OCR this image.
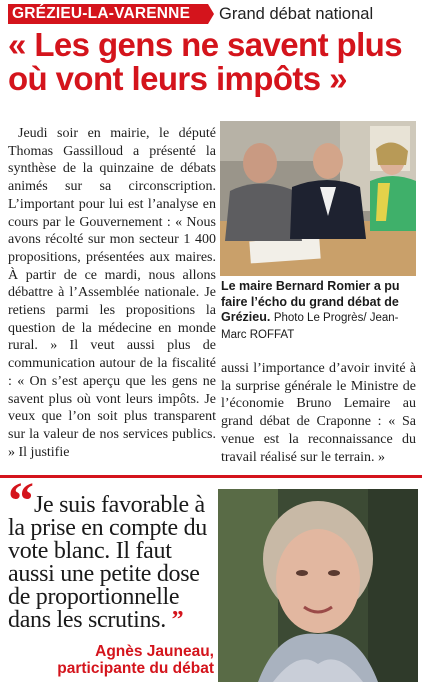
GRÉZIEU-LA-VARENNE	Grand débat national
« Les gens ne savent plus où vont leurs impôts »

Jeudi soir en mairie, le député Thomas Gassilloud a présenté la synthèse de la quinzaine de débats animés sur sa circonscription. L’important pour lui est l’analyse en cours par le Gouvernement : « Nous avons récolté sur mon secteur 1 400 propositions, présentées aux maires. À partir de ce mardi, nous allons débattre à l’Assemblée nationale. Je retiens parmi les propositions la question de la médecine en monde rural. » Il veut aussi plus de communication autour de la fiscalité : « On s’est aperçu que les gens ne savent plus où vont leurs impôts. Je veux que l’on soit plus transparent sur la valeur de nos services publics. » Il justifie

Le maire Bernard Romier a pu faire l’écho du grand débat de Grézieu. Photo Le Progrès/ Jean-Marc ROFFAT

aussi l’importance d’avoir invité à la surprise générale le Ministre de l’économie Bruno Lemaire au grand débat de Craponne : « Sa venue est la reconnaissance du travail réalisé sur le terrain. »

“ Je suis favorable à la prise en compte du vote blanc. Il faut aussi une petite dose de proportionnelle dans les scrutins. ”
Agnès Jauneau,
participante du débat
